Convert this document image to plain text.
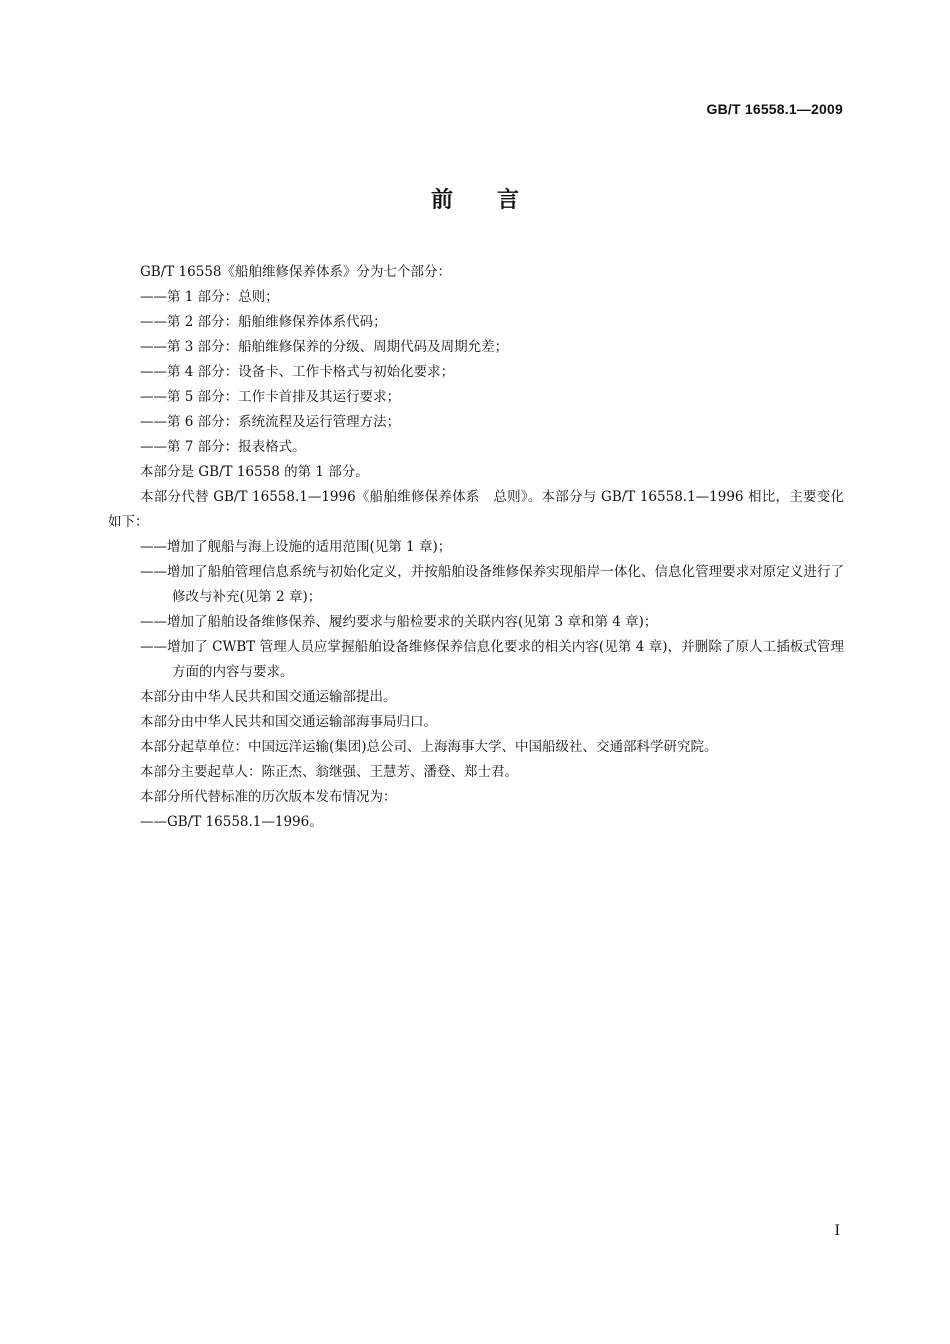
GB/T 16558.1—2009
前言

GB/T 16558《船舶维修保养体系》分为七个部分：

——第 1 部分：总则；

——第 2 部分：船舶维修保养体系代码；

——第 3 部分：船舶维修保养的分级、周期代码及周期允差；

——第 4 部分：设备卡、工作卡格式与初始化要求；

——第 5 部分：工作卡首排及其运行要求；

——第 6 部分：系统流程及运行管理方法；

——第 7 部分：报表格式。

本部分是 GB/T 16558 的第 1 部分。

本部分代替 GB/T 16558.1—1996《船舶维修保养体系　总则》。本部分与 GB/T 16558.1—1996 相比，主要变化如下：

——增加了舰船与海上设施的适用范围(见第 1 章)；

——增加了船舶管理信息系统与初始化定义，并按船舶设备维修保养实现船岸一体化、信息化管理要求对原定义进行了修改与补充(见第 2 章)；

——增加了船舶设备维修保养、履约要求与船检要求的关联内容(见第 3 章和第 4 章)；

——增加了 CWBT 管理人员应掌握船舶设备维修保养信息化要求的相关内容(见第 4 章)，并删除了原人工插板式管理方面的内容与要求。

本部分由中华人民共和国交通运输部提出。

本部分由中华人民共和国交通运输部海事局归口。

本部分起草单位：中国远洋运输(集团)总公司、上海海事大学、中国船级社、交通部科学研究院。

本部分主要起草人：陈正杰、翁继强、王慧芳、潘登、郑士君。

本部分所代替标准的历次版本发布情况为：

——GB/T 16558.1—1996。

I
